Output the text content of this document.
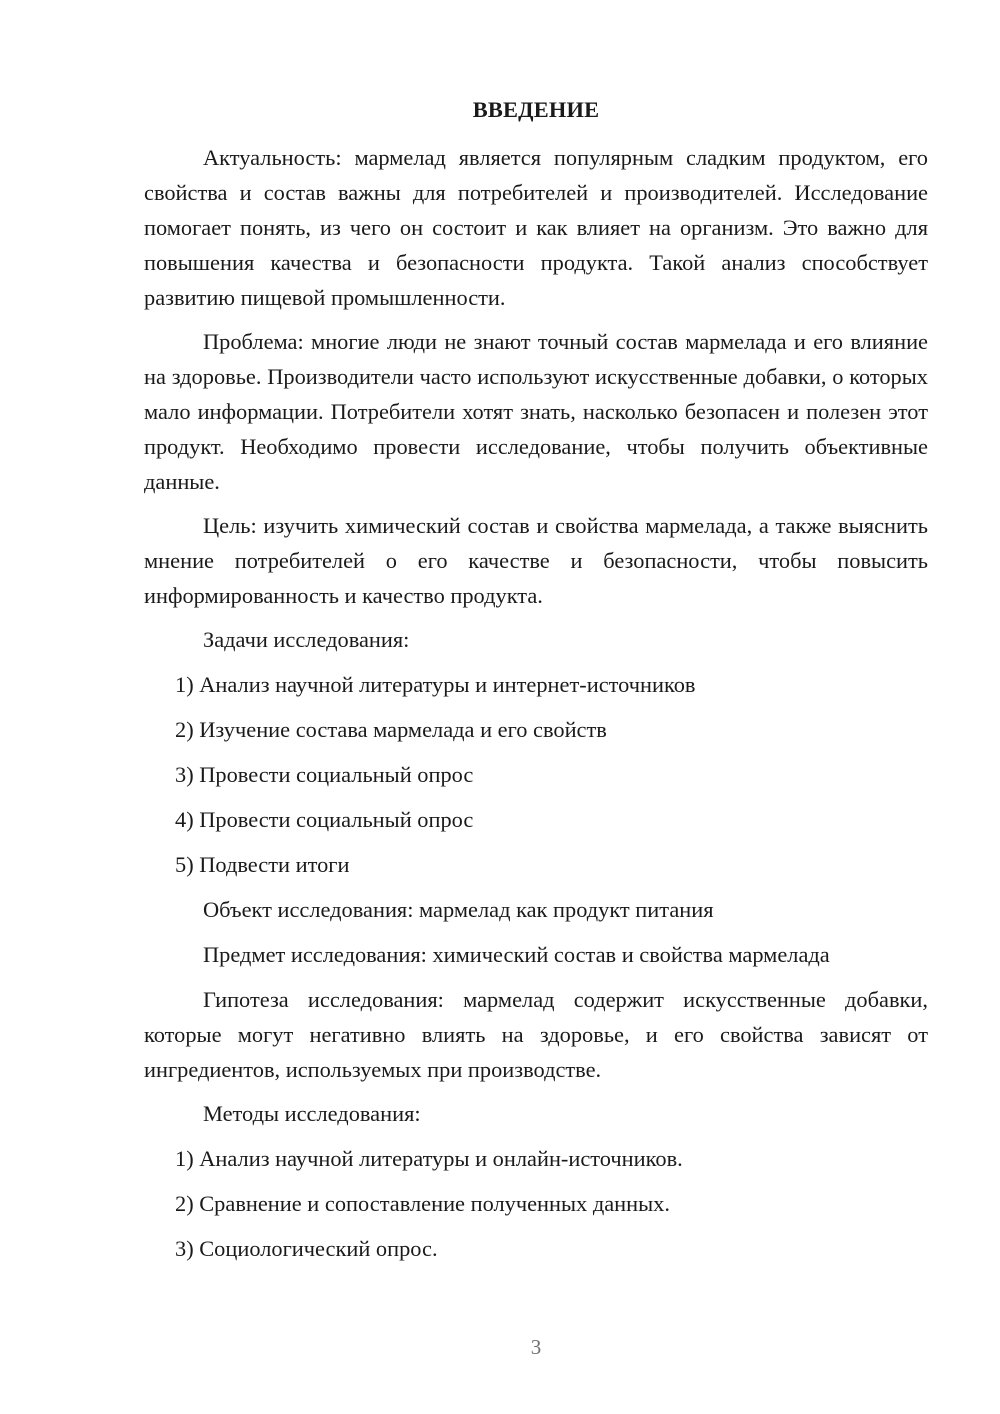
ВВЕДЕНИЕ

Актуальность: мармелад является популярным сладким продуктом, его свойства и состав важны для потребителей и производителей. Исследование помогает понять, из чего он состоит и как влияет на организм. Это важно для повышения качества и безопасности продукта. Такой анализ способствует развитию пищевой промышленности.

Проблема: многие люди не знают точный состав мармелада и его влияние на здоровье. Производители часто используют искусственные добавки, о которых мало информации. Потребители хотят знать, насколько безопасен и полезен этот продукт. Необходимо провести исследование, чтобы получить объективные данные.

Цель: изучить химический состав и свойства мармелада, а также выяснить мнение потребителей о его качестве и безопасности, чтобы повысить информированность и качество продукта.

Задачи исследования:
1) Анализ научной литературы и интернет-источников
2) Изучение состава мармелада и его свойств
3) Провести социальный опрос
4) Провести социальный опрос
5) Подвести итоги
Объект исследования: мармелад как продукт питания
Предмет исследования: химический состав и свойства мармелада

Гипотеза исследования: мармелад содержит искусственные добавки, которые могут негативно влиять на здоровье, и его свойства зависят от ингредиентов, используемых при производстве.

Методы исследования:
1) Анализ научной литературы и онлайн-источников.
2) Сравнение и сопоставление полученных данных.
3) Социологический опрос.
3
